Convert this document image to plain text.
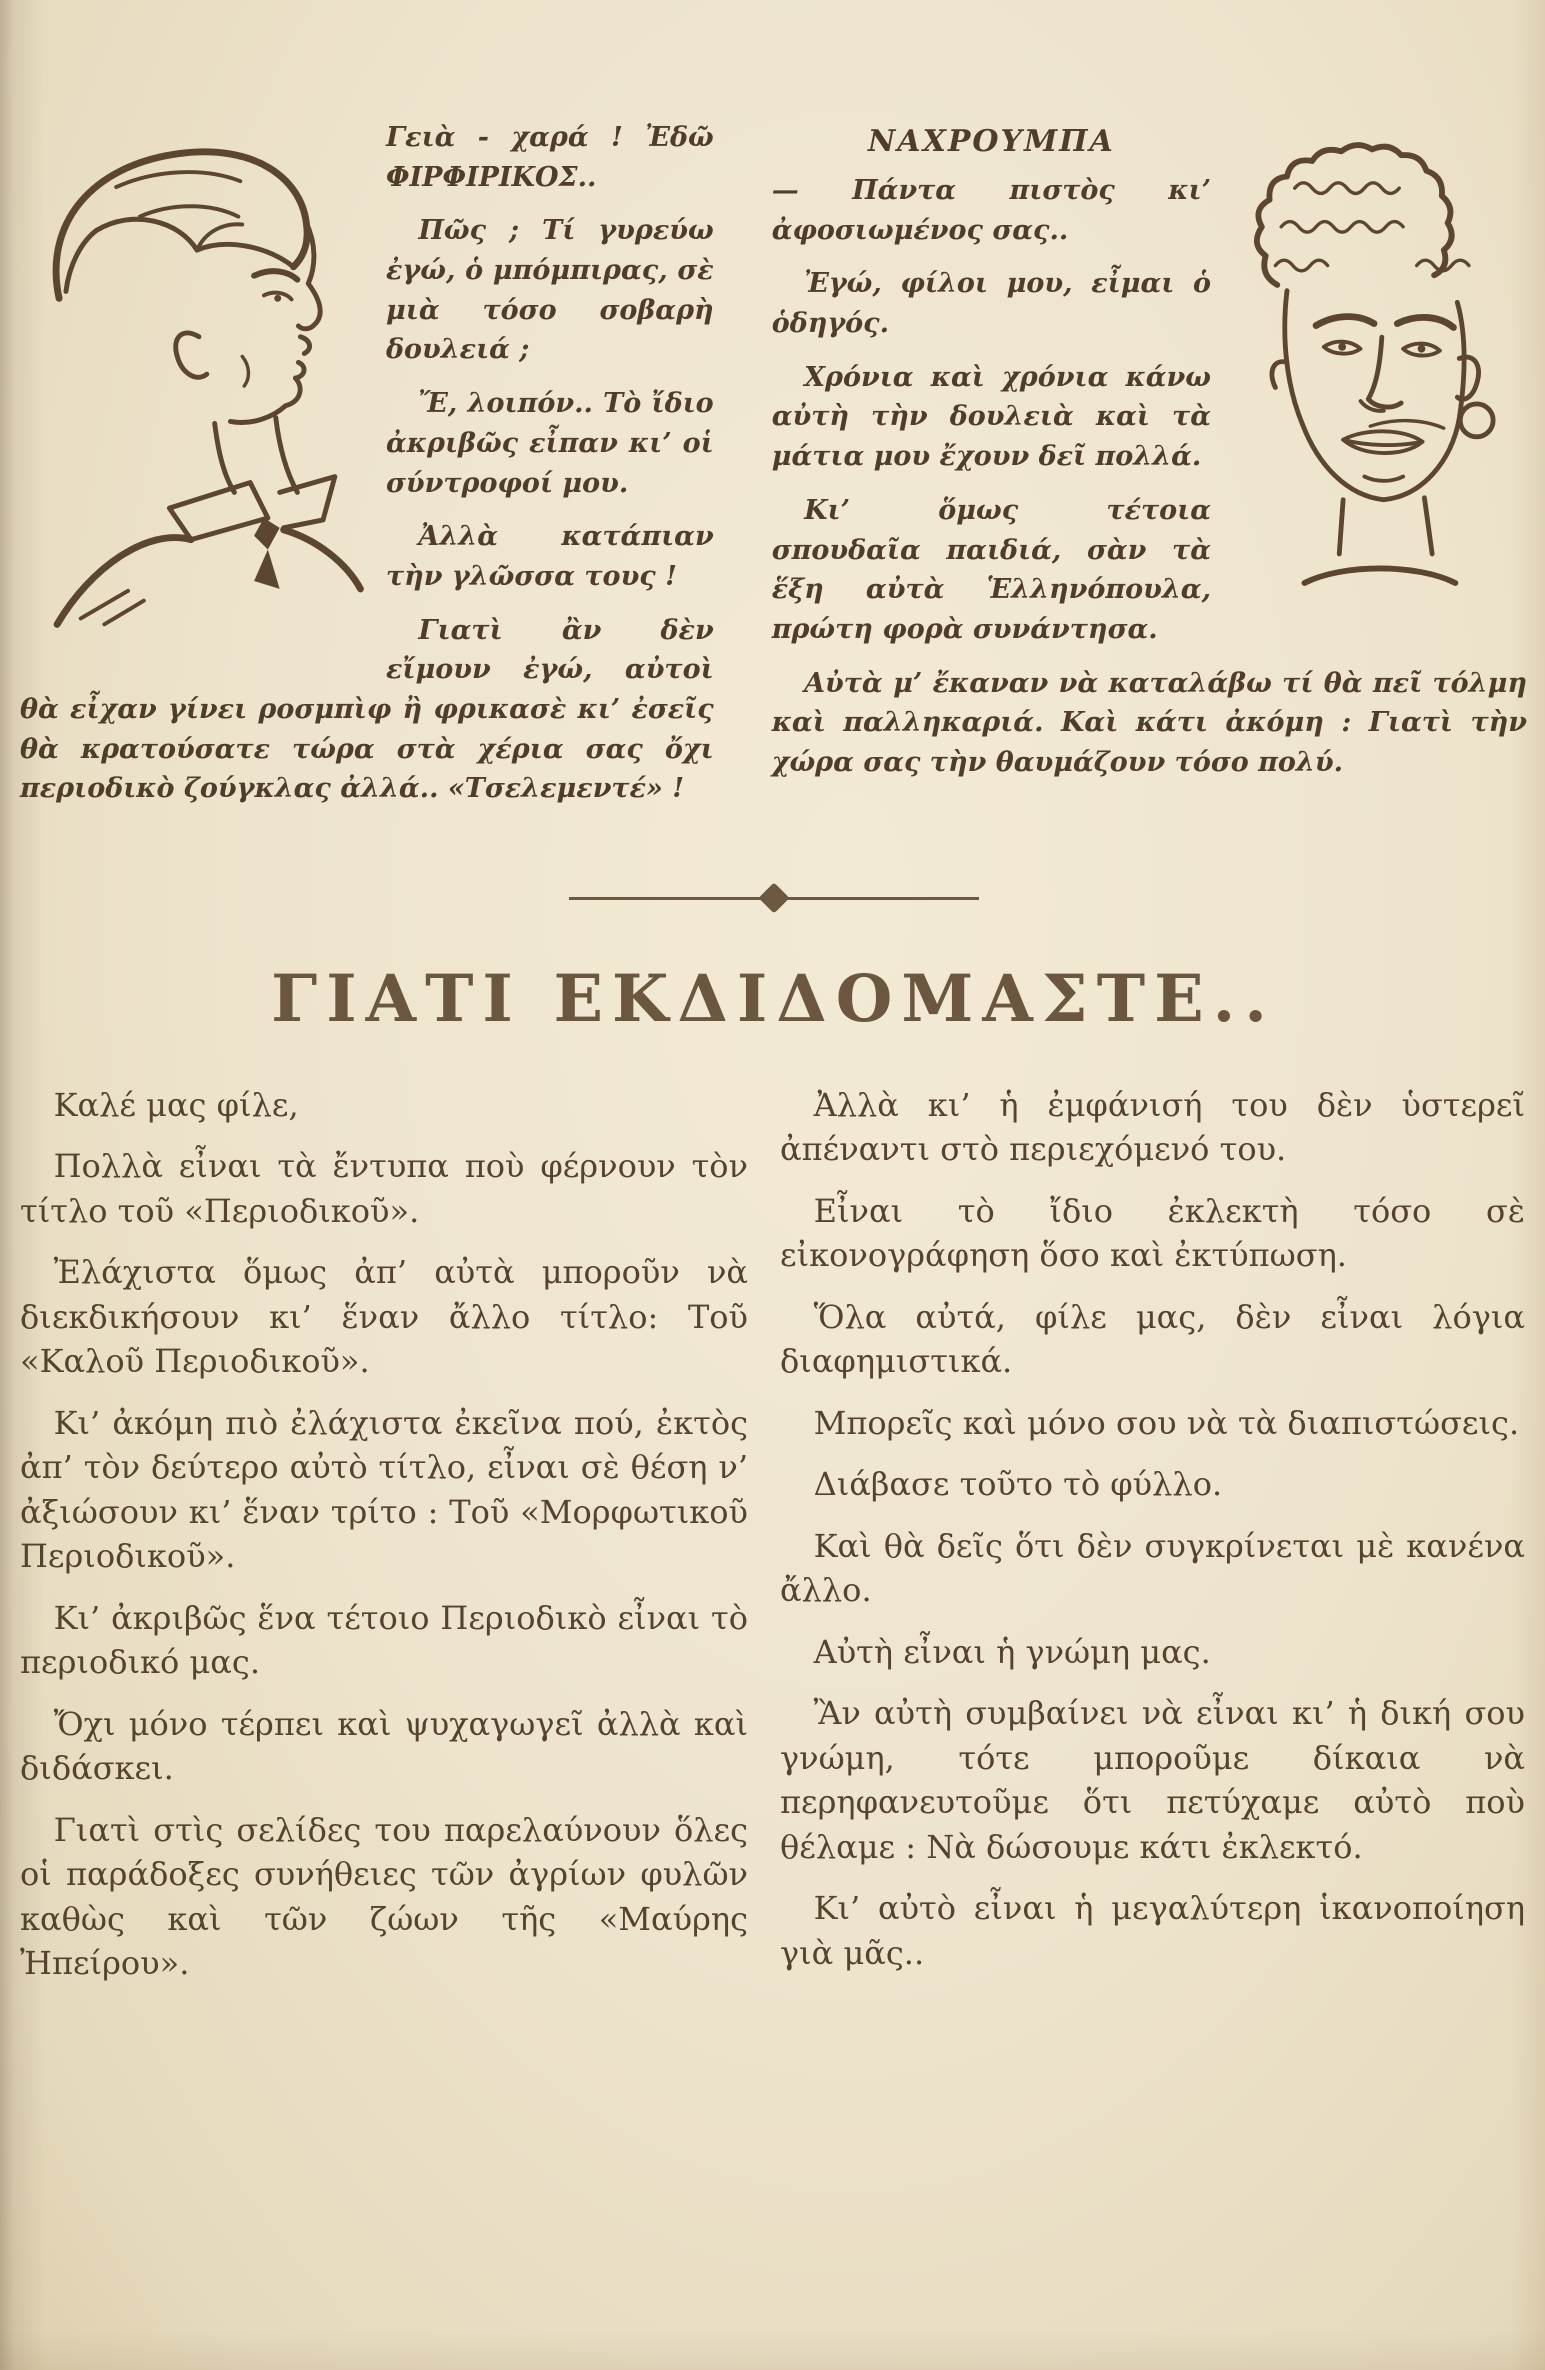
Γειὰ - χαρά ! Ἐδῶ ΦΙΡΦΙΡΙΚΟΣ..

Πῶς ; Τί γυρεύω ἐγώ, ὁ μπόμπιρας, σὲ μιὰ τόσο σοβαρὴ δουλειά ;

Ἔ, λοιπόν.. Τὸ ἴδιο ἀκριβῶς εἶπαν κι’ οἱ σύντροφοί μου.

Ἀλλὰ κατάπιαν τὴν γλῶσσα τους !

Γιατὶ ἂν δὲν εἴμουν ἐγώ, αὐτοὶ θὰ εἶχαν γίνει ροσμπὶφ ἢ φρικασὲ κι’ ἐσεῖς θὰ κρατούσατε τώρα στὰ χέρια σας ὄχι περιοδικὸ ζούγκλας ἀλλά.. «Τσελεμεντέ» !

ΝΑΧΡΟΥΜΠΑ

— Πάντα πιστὸς κι’ ἀφοσιωμένος σας..

Ἐγώ, φίλοι μου, εἶμαι ὁ ὁδηγός.

Χρόνια καὶ χρόνια κάνω αὐτὴ τὴν δουλειὰ καὶ τὰ μάτια μου ἔχουν δεῖ πολλά.

Κι’ ὅμως τέτοια σπουδαῖα παιδιά, σὰν τὰ ἕξη αὐτὰ Ἑλληνόπουλα, πρώτη φορὰ συνάντησα.

Αὐτὰ μ’ ἔκαναν νὰ καταλάβω τί θὰ πεῖ τόλμη καὶ παλληκαριά. Καὶ κάτι ἀκόμη : Γιατὶ τὴν χώρα σας τὴν θαυμάζουν τόσο πολύ.

ΓΙΑΤΙ ΕΚΔΙΔΟΜΑΣΤΕ..

Καλέ μας φίλε,

Πολλὰ εἶναι τὰ ἔντυπα ποὺ φέρνουν τὸν τίτλο τοῦ «Περιοδικοῦ».

Ἐλάχιστα ὅμως ἀπ’ αὐτὰ μποροῦν νὰ διεκδικήσουν κι’ ἕναν ἄλλο τίτλο: Τοῦ «Καλοῦ Περιοδικοῦ».

Κι’ ἀκόμη πιὸ ἐλάχιστα ἐκεῖνα πού, ἐκτὸς ἀπ’ τὸν δεύτερο αὐτὸ τίτλο, εἶναι σὲ θέση ν’ ἀξιώσουν κι’ ἕναν τρίτο : Τοῦ «Μορφωτικοῦ Περιοδικοῦ».

Κι’ ἀκριβῶς ἕνα τέτοιο Περιοδικὸ εἶναι τὸ περιοδικό μας.

Ὄχι μόνο τέρπει καὶ ψυχαγωγεῖ ἀλλὰ καὶ διδάσκει.

Γιατὶ στὶς σελίδες του παρελαύνουν ὅλες οἱ παράδοξες συνήθειες τῶν ἀγρίων φυλῶν καθὼς καὶ τῶν ζώων τῆς «Μαύρης Ἠπείρου».

Ἀλλὰ κι’ ἡ ἐμφάνισή του δὲν ὑστερεῖ ἀπέναντι στὸ περιεχόμενό του.

Εἶναι τὸ ἴδιο ἐκλεκτὴ τόσο σὲ εἰκονογράφηση ὅσο καὶ ἐκτύπωση.

Ὅλα αὐτά, φίλε μας, δὲν εἶναι λόγια διαφημιστικά.

Μπορεῖς καὶ μόνο σου νὰ τὰ διαπιστώσεις.

Διάβασε τοῦτο τὸ φύλλο.

Καὶ θὰ δεῖς ὅτι δὲν συγκρίνεται μὲ κανένα ἄλλο.

Αὐτὴ εἶναι ἡ γνώμη μας.

Ἂν αὐτὴ συμβαίνει νὰ εἶναι κι’ ἡ δική σου γνώμη, τότε μποροῦμε δίκαια νὰ περηφανευτοῦμε ὅτι πετύχαμε αὐτὸ ποὺ θέλαμε : Νὰ δώσουμε κάτι ἐκλεκτό.

Κι’ αὐτὸ εἶναι ἡ μεγαλύτερη ἱκανοποίηση γιὰ μᾶς..
